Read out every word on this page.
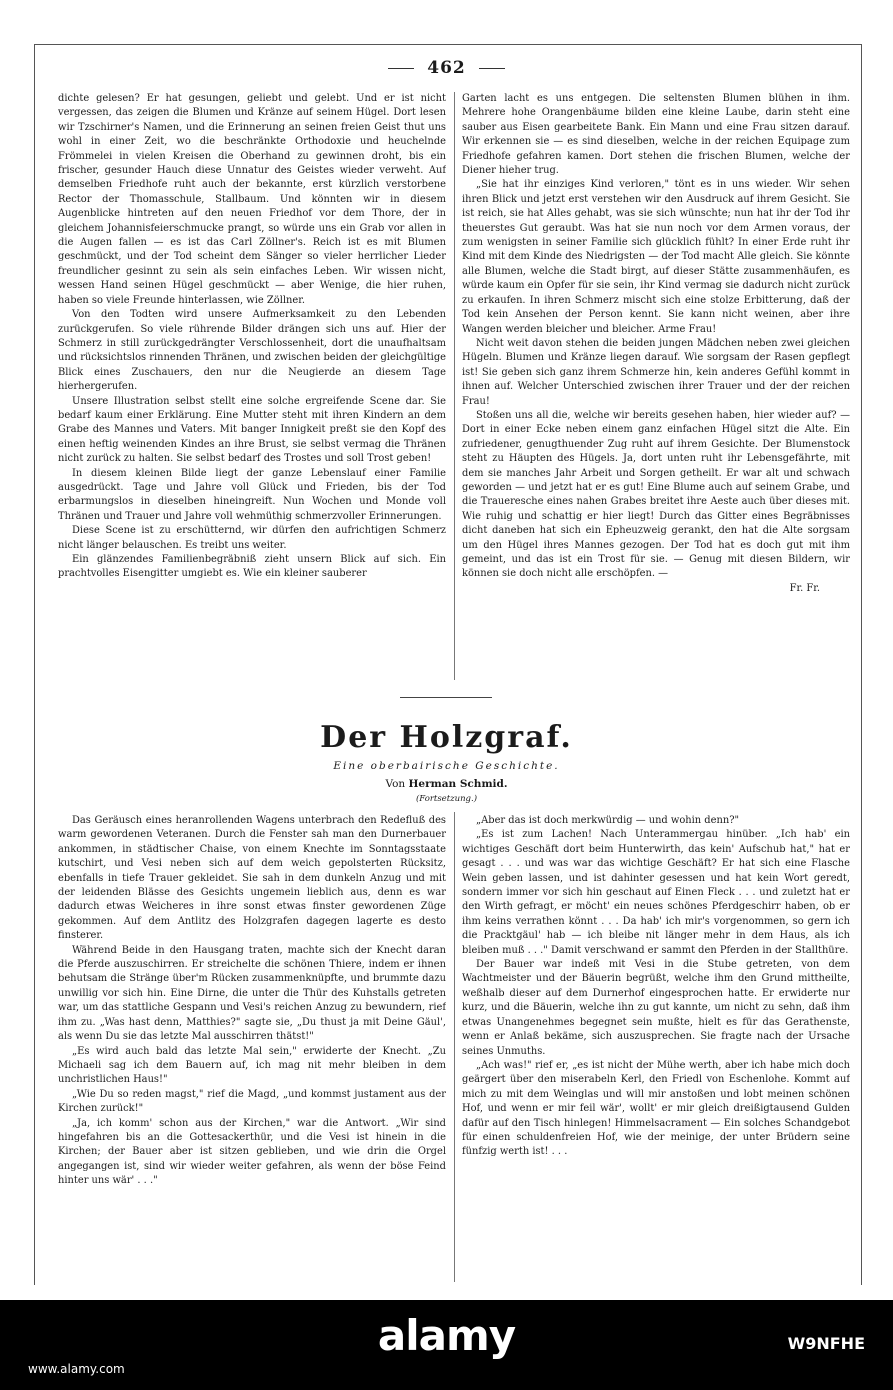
462

dichte gelesen? Er hat gesungen, geliebt und gelebt. Und er ist nicht vergessen, das zeigen die Blumen und Kränze auf seinem Hügel. Dort lesen wir Tzschirner's Namen, und die Erinnerung an seinen freien Geist thut uns wohl in einer Zeit, wo die beschränkte Orthodoxie und heuchelnde Frömmelei in vielen Kreisen die Oberhand zu gewinnen droht, bis ein frischer, gesunder Hauch diese Unnatur des Geistes wieder verweht. Auf demselben Friedhofe ruht auch der bekannte, erst kürzlich verstorbene Rector der Thomasschule, Stallbaum. Und könnten wir in diesem Augenblicke hintreten auf den neuen Friedhof vor dem Thore, der in gleichem Johannisfeierschmucke prangt, so würde uns ein Grab vor allen in die Augen fallen — es ist das Carl Zöllner's. Reich ist es mit Blumen geschmückt, und der Tod scheint dem Sänger so vieler herrlicher Lieder freundlicher gesinnt zu sein als sein einfaches Leben. Wir wissen nicht, wessen Hand seinen Hügel geschmückt — aber Wenige, die hier ruhen, haben so viele Freunde hinterlassen, wie Zöllner.

Von den Todten wird unsere Aufmerksamkeit zu den Lebenden zurückgerufen. So viele rührende Bilder drängen sich uns auf. Hier der Schmerz in still zurückgedrängter Verschlossenheit, dort die unaufhaltsam und rücksichtslos rinnenden Thränen, und zwischen beiden der gleichgültige Blick eines Zuschauers, den nur die Neugierde an diesem Tage hierhergerufen.

Unsere Illustration selbst stellt eine solche ergreifende Scene dar. Sie bedarf kaum einer Erklärung. Eine Mutter steht mit ihren Kindern an dem Grabe des Mannes und Vaters. Mit banger Innigkeit preßt sie den Kopf des einen heftig weinenden Kindes an ihre Brust, sie selbst vermag die Thränen nicht zurück zu halten. Sie selbst bedarf des Trostes und soll Trost geben!

In diesem kleinen Bilde liegt der ganze Lebenslauf einer Familie ausgedrückt. Tage und Jahre voll Glück und Frieden, bis der Tod erbarmungslos in dieselben hineingreift. Nun Wochen und Monde voll Thränen und Trauer und Jahre voll wehmüthig schmerzvoller Erinnerungen.

Diese Scene ist zu erschütternd, wir dürfen den aufrichtigen Schmerz nicht länger belauschen. Es treibt uns weiter.

Ein glänzendes Familienbegräbniß zieht unsern Blick auf sich. Ein prachtvolles Eisengitter umgiebt es. Wie ein kleiner sauberer

Garten lacht es uns entgegen. Die seltensten Blumen blühen in ihm. Mehrere hohe Orangenbäume bilden eine kleine Laube, darin steht eine sauber aus Eisen gearbeitete Bank. Ein Mann und eine Frau sitzen darauf. Wir erkennen sie — es sind dieselben, welche in der reichen Equipage zum Friedhofe gefahren kamen. Dort stehen die frischen Blumen, welche der Diener hieher trug.

„Sie hat ihr einziges Kind verloren," tönt es in uns wieder. Wir sehen ihren Blick und jetzt erst verstehen wir den Ausdruck auf ihrem Gesicht. Sie ist reich, sie hat Alles gehabt, was sie sich wünschte; nun hat ihr der Tod ihr theuerstes Gut geraubt. Was hat sie nun noch vor dem Armen voraus, der zum wenigsten in seiner Familie sich glücklich fühlt? In einer Erde ruht ihr Kind mit dem Kinde des Niedrigsten — der Tod macht Alle gleich. Sie könnte alle Blumen, welche die Stadt birgt, auf dieser Stätte zusammenhäufen, es würde kaum ein Opfer für sie sein, ihr Kind vermag sie dadurch nicht zurück zu erkaufen. In ihren Schmerz mischt sich eine stolze Erbitterung, daß der Tod kein Ansehen der Person kennt. Sie kann nicht weinen, aber ihre Wangen werden bleicher und bleicher. Arme Frau!

Nicht weit davon stehen die beiden jungen Mädchen neben zwei gleichen Hügeln. Blumen und Kränze liegen darauf. Wie sorgsam der Rasen gepflegt ist! Sie geben sich ganz ihrem Schmerze hin, kein anderes Gefühl kommt in ihnen auf. Welcher Unterschied zwischen ihrer Trauer und der der reichen Frau!

Stoßen uns all die, welche wir bereits gesehen haben, hier wieder auf? — Dort in einer Ecke neben einem ganz einfachen Hügel sitzt die Alte. Ein zufriedener, genugthuender Zug ruht auf ihrem Gesichte. Der Blumenstock steht zu Häupten des Hügels. Ja, dort unten ruht ihr Lebensgefährte, mit dem sie manches Jahr Arbeit und Sorgen getheilt. Er war alt und schwach geworden — und jetzt hat er es gut! Eine Blume auch auf seinem Grabe, und die Traueresche eines nahen Grabes breitet ihre Aeste auch über dieses mit. Wie ruhig und schattig er hier liegt! Durch das Gitter eines Begräbnisses dicht daneben hat sich ein Epheuzweig gerankt, den hat die Alte sorgsam um den Hügel ihres Mannes gezogen. Der Tod hat es doch gut mit ihm gemeint, und das ist ein Trost für sie. — Genug mit diesen Bildern, wir können sie doch nicht alle erschöpfen. —

Fr. Fr.
Der Holzgraf.
Eine oberbairische Geschichte.
Von Herman Schmid.
(Fortsetzung.)

Das Geräusch eines heranrollenden Wagens unterbrach den Redefluß des warm gewordenen Veteranen. Durch die Fenster sah man den Durnerbauer ankommen, in städtischer Chaise, von einem Knechte im Sonntagsstaate kutschirt, und Vesi neben sich auf dem weich gepolsterten Rücksitz, ebenfalls in tiefe Trauer gekleidet. Sie sah in dem dunkeln Anzug und mit der leidenden Blässe des Gesichts ungemein lieblich aus, denn es war dadurch etwas Weicheres in ihre sonst etwas finster gewordenen Züge gekommen. Auf dem Antlitz des Holzgrafen dagegen lagerte es desto finsterer.

Während Beide in den Hausgang traten, machte sich der Knecht daran die Pferde auszuschirren. Er streichelte die schönen Thiere, indem er ihnen behutsam die Stränge über'm Rücken zusammenknüpfte, und brummte dazu unwillig vor sich hin. Eine Dirne, die unter die Thür des Kuhstalls getreten war, um das stattliche Gespann und Vesi's reichen Anzug zu bewundern, rief ihm zu. „Was hast denn, Matthies?" sagte sie, „Du thust ja mit Deine Gäul', als wenn Du sie das letzte Mal ausschirren thätst!"

„Es wird auch bald das letzte Mal sein," erwiderte der Knecht. „Zu Michaeli sag ich dem Bauern auf, ich mag nit mehr bleiben in dem unchristlichen Haus!"

„Wie Du so reden magst," rief die Magd, „und kommst justament aus der Kirchen zurück!"

„Ja, ich komm' schon aus der Kirchen," war die Antwort. „Wir sind hingefahren bis an die Gottesackerthür, und die Vesi ist hinein in die Kirchen; der Bauer aber ist sitzen geblieben, und wie drin die Orgel angegangen ist, sind wir wieder weiter gefahren, als wenn der böse Feind hinter uns wär' . . ."

„Aber das ist doch merkwürdig — und wohin denn?"

„Es ist zum Lachen! Nach Unterammergau hinüber. „Ich hab' ein wichtiges Geschäft dort beim Hunterwirth, das kein' Aufschub hat," hat er gesagt . . . und was war das wichtige Geschäft? Er hat sich eine Flasche Wein geben lassen, und ist dahinter gesessen und hat kein Wort geredt, sondern immer vor sich hin geschaut auf Einen Fleck . . . und zuletzt hat er den Wirth gefragt, er möcht' ein neues schönes Pferdgeschirr haben, ob er ihm keins verrathen könnt . . . Da hab' ich mir's vorgenommen, so gern ich die Pracktgäul' hab — ich bleibe nit länger mehr in dem Haus, als ich bleiben muß . . ." Damit verschwand er sammt den Pferden in der Stallthüre.

Der Bauer war indeß mit Vesi in die Stube getreten, von dem Wachtmeister und der Bäuerin begrüßt, welche ihm den Grund mittheilte, weßhalb dieser auf dem Durnerhof eingesprochen hatte. Er erwiderte nur kurz, und die Bäuerin, welche ihn zu gut kannte, um nicht zu sehn, daß ihm etwas Unangenehmes begegnet sein mußte, hielt es für das Gerathenste, wenn er Anlaß bekäme, sich auszusprechen. Sie fragte nach der Ursache seines Unmuths.

„Ach was!" rief er, „es ist nicht der Mühe werth, aber ich habe mich doch geärgert über den miserabeln Kerl, den Friedl von Eschenlohe. Kommt auf mich zu mit dem Weinglas und will mir anstoßen und lobt meinen schönen Hof, und wenn er mir feil wär', wollt' er mir gleich dreißigtausend Gulden dafür auf den Tisch hinlegen! Himmelsacrament — Ein solches Schandgebot für einen schuldenfreien Hof, wie der meinige, der unter Brüdern seine fünfzig werth ist! . . .

alamy	W9NFHE
www.alamy.com
